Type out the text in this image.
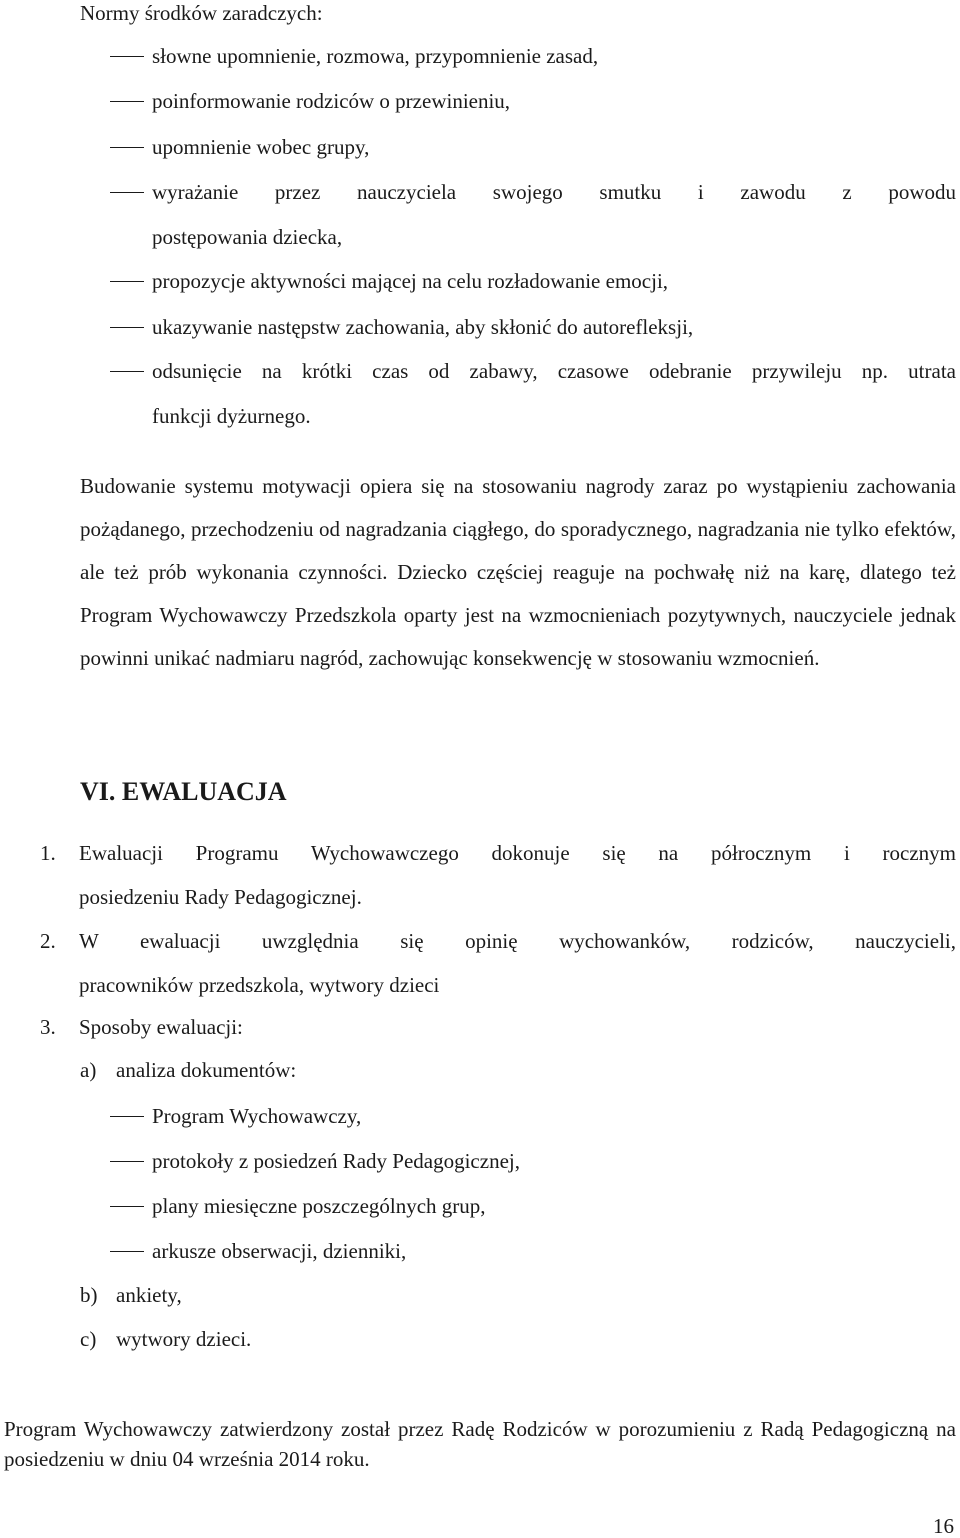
Normy środków zaradczych:
słowne upomnienie, rozmowa, przypomnienie zasad,
poinformowanie rodziców o przewinieniu,
upomnienie wobec grupy,
wyrażanie przez nauczyciela swojego smutku i zawodu z powodu
postępowania dziecka,
propozycje aktywności mającej na celu rozładowanie emocji,
ukazywanie następstw zachowania, aby skłonić do autorefleksji,
odsunięcie na krótki czas od zabawy, czasowe odebranie przywileju np. utrata
funkcji dyżurnego.
Budowanie systemu motywacji opiera się na stosowaniu nagrody zaraz po wystąpieniu zachowania pożądanego, przechodzeniu od nagradzania ciągłego, do sporadycznego, nagradzania nie tylko efektów, ale też prób wykonania czynności. Dziecko częściej reaguje na pochwałę niż na karę, dlatego też Program Wychowawczy Przedszkola oparty jest na wzmocnieniach pozytywnych, nauczyciele jednak powinni unikać nadmiaru nagród, zachowując konsekwencję w stosowaniu wzmocnień.
VI. EWALUACJA
1. Ewaluacji Programu Wychowawczego dokonuje się na półrocznym i rocznym
posiedzeniu Rady Pedagogicznej.
2. W ewaluacji uwzględnia się opinię wychowanków, rodziców, nauczycieli,
pracowników przedszkola, wytwory dzieci
3. Sposoby ewaluacji:
a) analiza dokumentów:
Program Wychowawczy,
protokoły z posiedzeń Rady Pedagogicznej,
plany miesięczne poszczególnych grup,
arkusze obserwacji, dzienniki,
b) ankiety,
c) wytwory dzieci.
Program Wychowawczy zatwierdzony został przez Radę Rodziców w porozumieniu z Radą Pedagogiczną na posiedzeniu w dniu 04 września 2014 roku.
16
